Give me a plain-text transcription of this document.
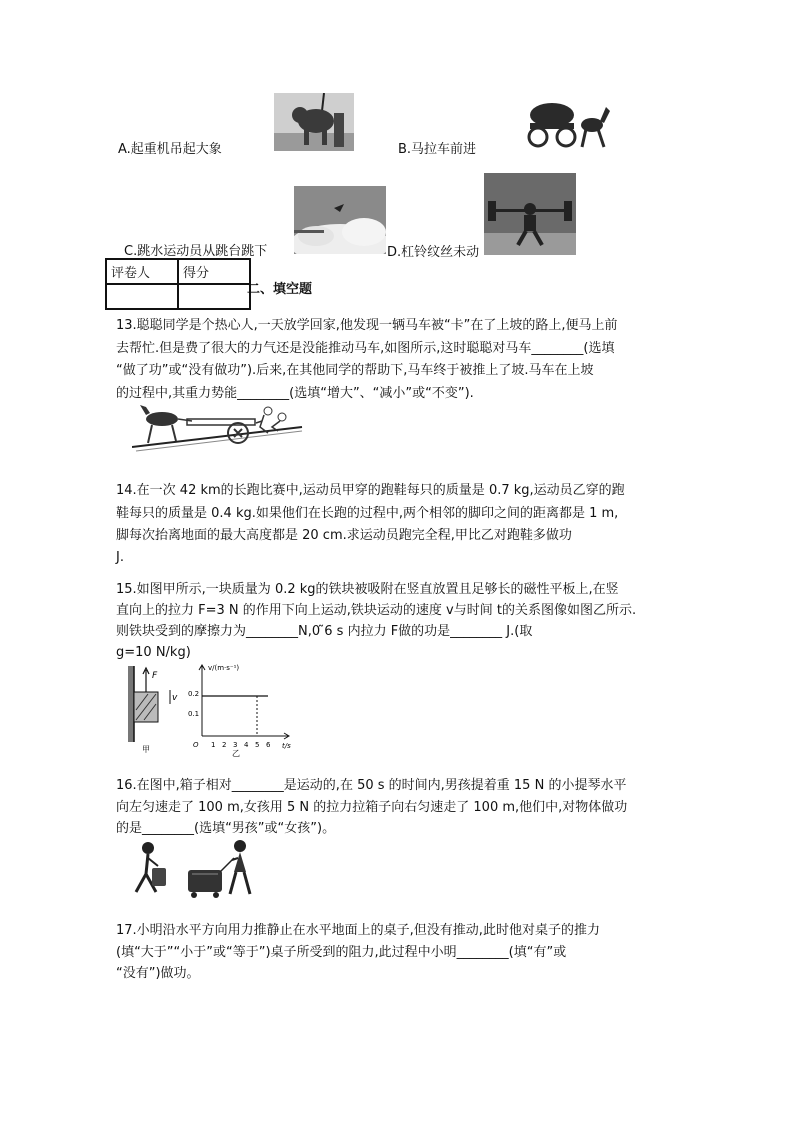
A.起重机吊起大象	B.马拉车前进
C.跳水运动员从跳台跳下	D.杠铃纹丝未动
评卷人	得分

二、填空题
13.聪聪同学是个热心人,一天放学回家,他发现一辆马车被“卡”在了上坡的路上,便马上前
去帮忙.但是费了很大的力气还是没能推动马车,如图所示,这时聪聪对马车________(选填
“做了功”或“没有做功”).后来,在其他同学的帮助下,马车终于被推上了坡.马车在上坡
的过程中,其重力势能________(选填“增大”、“减小”或“不变”).
14.在一次 42 km的长跑比赛中,运动员甲穿的跑鞋每只的质量是 0.7 kg,运动员乙穿的跑
鞋每只的质量是 0.4 kg.如果他们在长跑的过程中,两个相邻的脚印之间的距离都是 1 m,
脚每次抬离地面的最大高度都是 20 cm.求运动员跑完全程,甲比乙对跑鞋多做功
J.
15.如图甲所示,一块质量为 0.2 kg的铁块被吸附在竖直放置且足够长的磁性平板上,在竖
直向上的拉力 F=3 N 的作用下向上运动,铁块运动的速度 v与时间 t的关系图像如图乙所示.
则铁块受到的摩擦力为________N,0 ̃6 s 内拉力 F做的功是________ J.(取
g=10 N/kg)
F
v
甲
v/(m·s⁻¹)
t/s
O
0.2
0.1
1 2 3 4 5 6
乙
16.在图中,箱子相对________是运动的,在 50 s 的时间内,男孩提着重 15 N 的小提琴水平
向左匀速走了 100 m,女孩用 5 N 的拉力拉箱子向右匀速走了 100 m,他们中,对物体做功
的是________(选填“男孩”或“女孩”)。
17.小明沿水平方向用力推静止在水平地面上的桌子,但没有推动,此时他对桌子的推力
(填“大于”“小于”或“等于”)桌子所受到的阻力,此过程中小明________(填“有”或
“没有”)做功。
